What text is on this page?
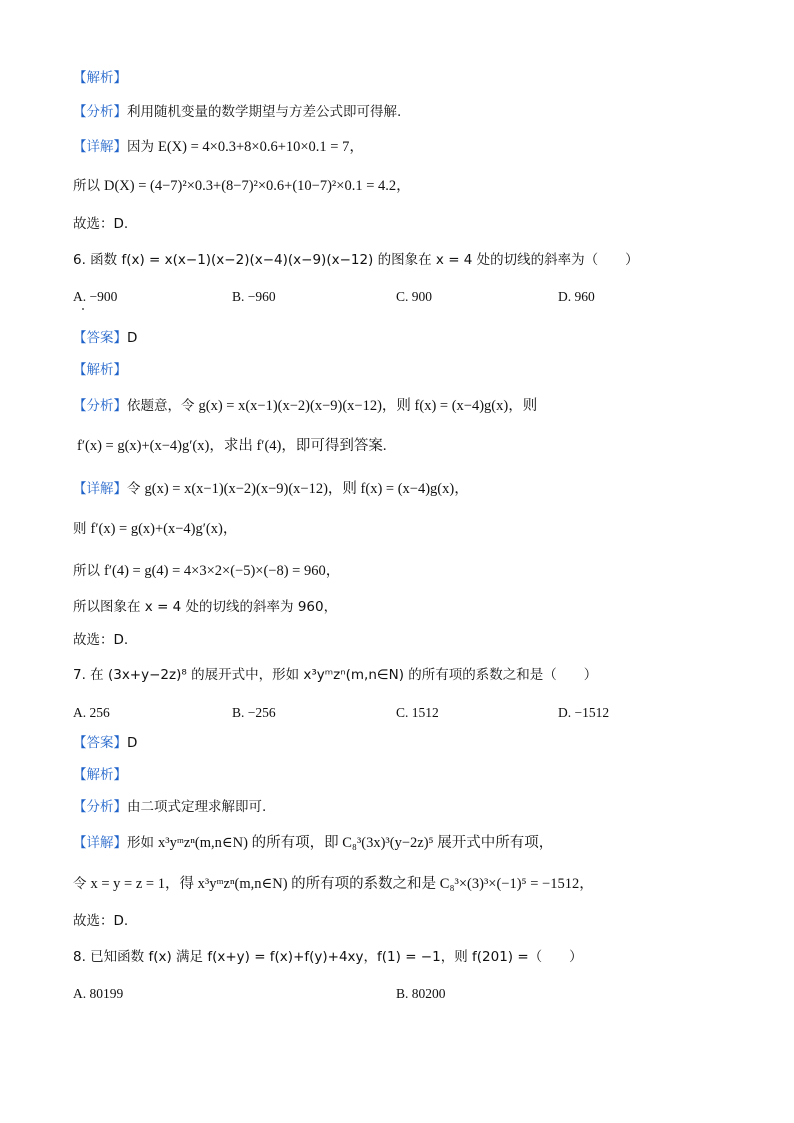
【解析】
【分析】利用随机变量的数学期望与方差公式即可得解.
【详解】因为 E(X) = 4×0.3+8×0.6+10×0.1 = 7，
所以 D(X) = (4−7)²×0.3+(8−7)²×0.6+(10−7)²×0.1 = 4.2，
故选：D.
6. 函数 f(x) = x(x−1)(x−2)(x−4)(x−9)(x−12) 的图象在 x = 4 处的切线的斜率为（　　）
【答案】D
【解析】
【分析】依题意，令 g(x) = x(x−1)(x−2)(x−9)(x−12)，则 f(x) = (x−4)g(x)，则
f′(x) = g(x)+(x−4)g′(x)，求出 f′(4)，即可得到答案.
【详解】令 g(x) = x(x−1)(x−2)(x−9)(x−12)，则 f(x) = (x−4)g(x)，
则 f′(x) = g(x)+(x−4)g′(x)，
所以 f′(4) = g(4) = 4×3×2×(−5)×(−8) = 960，
所以图象在 x = 4 处的切线的斜率为 960，
故选：D.
7. 在 (3x+y−2z)⁸ 的展开式中，形如 x³yᵐzⁿ(m,n∈N) 的所有项的系数之和是（　　）
【答案】D
【解析】
【分析】由二项式定理求解即可.
【详解】形如 x³yᵐzⁿ(m,n∈N) 的所有项，即 C₈³(3x)³(y−2z)⁵ 展开式中所有项，
令 x = y = z = 1，得 x³yᵐzⁿ(m,n∈N) 的所有项的系数之和是 C₈³×(3)³×(−1)⁵ = −1512，
故选：D.
8. 已知函数 f(x) 满足 f(x+y) = f(x)+f(y)+4xy，f(1) = −1，则 f(201) =（　　）
A. −900	B. −960	C. 900	D. 960
A. 256	B. −256	C. 1512	D. −1512
A. 80199	B. 80200
